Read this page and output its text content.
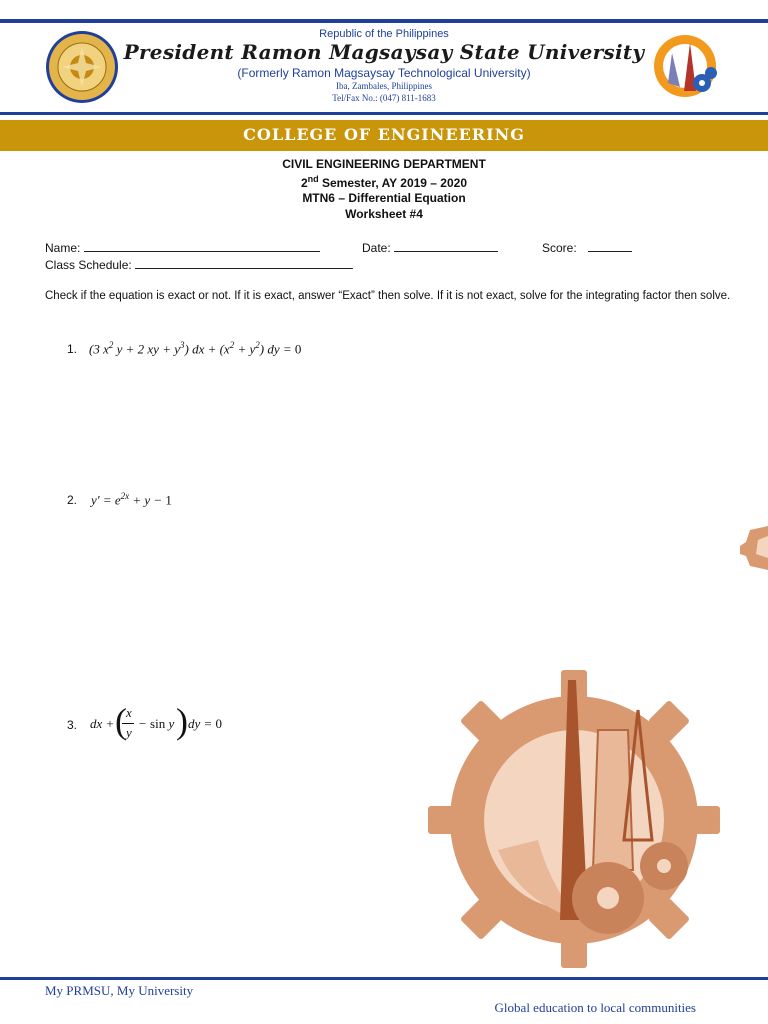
Republic of the Philippines
President Ramon Magsaysay State University
(Formerly Ramon Magsaysay Technological University)
Iba, Zambales, Philippines
Tel/Fax No.: (047) 811-1683
COLLEGE OF ENGINEERING
CIVIL ENGINEERING DEPARTMENT
2nd Semester, AY 2019 – 2020
MTN6 – Differential Equation
Worksheet #4
Name:	Date:	Score:
Class Schedule:
Check if the equation is exact or not. If it is exact, answer “Exact” then solve. If it is not exact, solve for the integrating factor then solve.
1. (3 $x^2$ y + 2 xy + $y^3$) dx + $(x^2 + y^2)$ dy = 0
2. $y' = e^{2x} + y - 1$
3. dx + ( x
y
− sin y ) dy = 0
My PRMSU, My University
Global education to local communities
